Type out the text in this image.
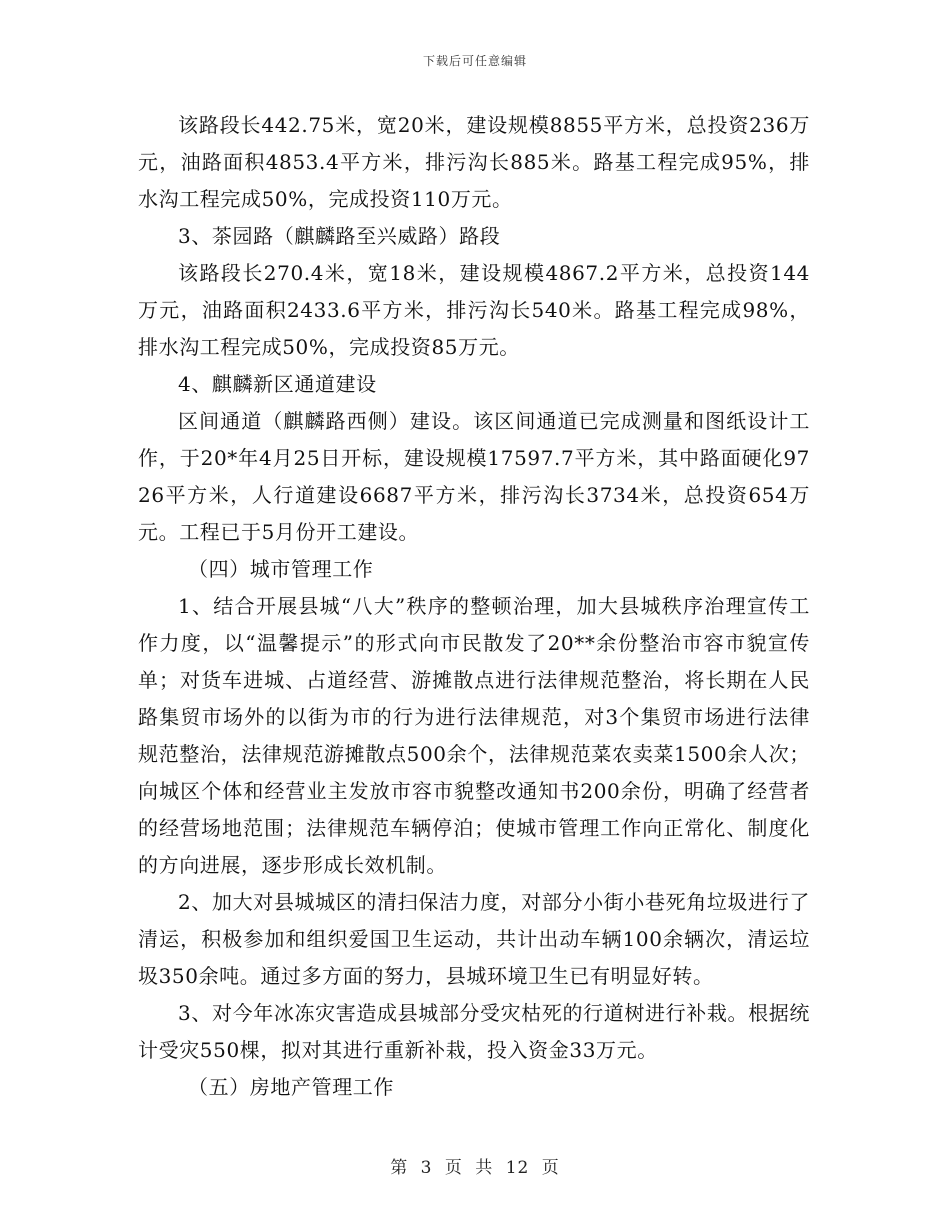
下载后可任意编辑

该路段长442.75米，宽20米，建设规模8855平方米，总投资236万元，油路面积4853.4平方米，排污沟长885米。路基工程完成95%，排水沟工程完成50%，完成投资110万元。

3、茶园路（麒麟路至兴威路）路段

该路段长270.4米，宽18米，建设规模4867.2平方米，总投资144万元，油路面积2433.6平方米，排污沟长540米。路基工程完成98%，排水沟工程完成50%，完成投资85万元。

4、麒麟新区通道建设

区间通道（麒麟路西侧）建设。该区间通道已完成测量和图纸设计工作，于20*年4月25日开标，建设规模17597.7平方米，其中路面硬化9726平方米，人行道建设6687平方米，排污沟长3734米，总投资654万元。工程已于5月份开工建设。

（四）城市管理工作

1、结合开展县城“八大”秩序的整顿治理，加大县城秩序治理宣传工作力度，以“温馨提示”的形式向市民散发了20**余份整治市容市貌宣传单；对货车进城、占道经营、游摊散点进行法律规范整治，将长期在人民路集贸市场外的以街为市的行为进行法律规范，对3个集贸市场进行法律规范整治，法律规范游摊散点500余个，法律规范菜农卖菜1500余人次；向城区个体和经营业主发放市容市貌整改通知书200余份，明确了经营者的经营场地范围；法律规范车辆停泊；使城市管理工作向正常化、制度化的方向进展，逐步形成长效机制。

2、加大对县城城区的清扫保洁力度，对部分小街小巷死角垃圾进行了清运，积极参加和组织爱国卫生运动，共计出动车辆100余辆次，清运垃圾350余吨。通过多方面的努力，县城环境卫生已有明显好转。

3、对今年冰冻灾害造成县城部分受灾枯死的行道树进行补栽。根据统计受灾550棵，拟对其进行重新补栽，投入资金33万元。

（五）房地产管理工作

第 3 页 共 12 页
